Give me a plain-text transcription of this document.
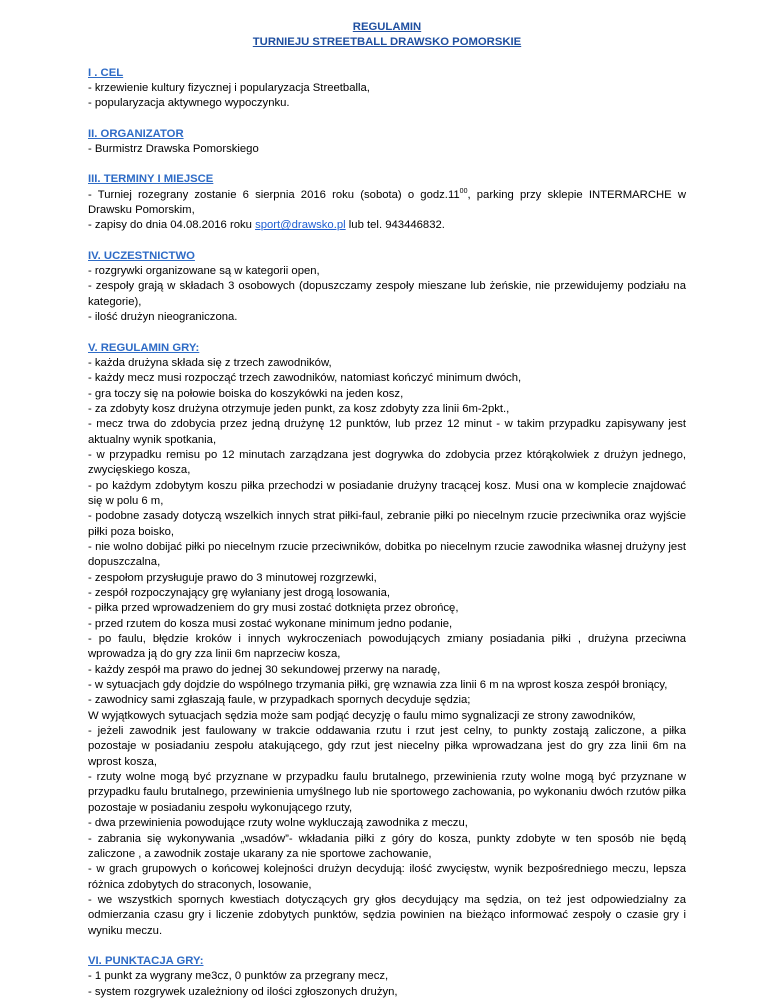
REGULAMIN

TURNIEJU STREETBALL DRAWSKO POMORSKIE

I . CEL

- krzewienie kultury fizycznej i popularyzacja Streetballa,

- popularyzacja aktywnego wypoczynku.

II. ORGANIZATOR

- Burmistrz Drawska Pomorskiego

III. TERMINY I MIEJSCE

- Turniej rozegrany zostanie 6 sierpnia 2016 roku (sobota) o $godz.11^{00}$, parking przy sklepie INTERMARCHE w Drawsku Pomorskim,

- zapisy do dnia 04.08.2016 roku sport@drawsko.pl lub tel. 943446832.

IV. UCZESTNICTWO

- rozgrywki organizowane są w kategorii open,

- zespoły grają w składach 3 osobowych (dopuszczamy zespoły mieszane lub żeńskie, nie przewidujemy podziału na kategorie),

- ilość drużyn nieograniczona.

V. REGULAMIN GRY:

- każda drużyna składa się z trzech zawodników,

- każdy mecz musi rozpocząć trzech zawodników, natomiast kończyć minimum dwóch,

- gra toczy się na połowie boiska do koszykówki na jeden kosz,

- za zdobyty kosz drużyna otrzymuje jeden punkt, za kosz zdobyty zza linii 6m-2pkt.,

- mecz trwa do zdobycia przez jedną drużynę 12 punktów, lub przez 12 minut - w takim przypadku zapisywany jest aktualny wynik spotkania,

- w przypadku remisu po 12 minutach zarządzana jest dogrywka do zdobycia przez którąkolwiek z drużyn jednego, zwycięskiego kosza,

- po każdym zdobytym koszu piłka przechodzi w posiadanie drużyny tracącej kosz. Musi ona w komplecie znajdować się w polu 6 m,

- podobne zasady dotyczą wszelkich innych strat piłki-faul, zebranie piłki po niecelnym rzucie przeciwnika oraz wyjście piłki poza boisko,

- nie wolno dobijać piłki po niecelnym rzucie przeciwników, dobitka po niecelnym rzucie zawodnika własnej drużyny jest dopuszczalna,

- zespołom przysługuje prawo do 3 minutowej rozgrzewki,

- zespół rozpoczynający grę wyłaniany jest drogą losowania,

- piłka przed wprowadzeniem do gry musi zostać dotknięta przez obrońcę,

- przed rzutem do kosza musi zostać wykonane minimum jedno podanie,

- po faulu, błędzie kroków i innych wykroczeniach powodujących zmiany posiadania piłki , drużyna przeciwna wprowadza ją do gry zza linii 6m naprzeciw kosza,

- każdy zespół ma prawo do jednej 30 sekundowej przerwy na naradę,

- w sytuacjach gdy dojdzie do wspólnego trzymania piłki, grę wznawia zza linii 6 m na wprost kosza zespół broniący,

- zawodnicy sami zgłaszają faule, w przypadkach spornych decyduje sędzia;

W wyjątkowych sytuacjach sędzia może sam podjąć decyzję o faulu mimo sygnalizacji ze strony zawodników,

- jeżeli zawodnik jest faulowany w trakcie oddawania rzutu i rzut jest celny, to punkty zostają zaliczone, a piłka pozostaje w posiadaniu zespołu atakującego, gdy rzut jest niecelny piłka wprowadzana jest do gry zza linii 6m na wprost kosza,

- rzuty wolne mogą być przyznane w przypadku faulu brutalnego, przewinienia rzuty wolne mogą być przyznane w przypadku faulu brutalnego, przewinienia umyślnego lub nie sportowego zachowania, po wykonaniu dwóch rzutów piłka pozostaje w posiadaniu zespołu wykonującego rzuty,

- dwa przewinienia powodujące rzuty wolne wykluczają zawodnika z meczu,

- zabrania się wykonywania „wsadów”- wkładania piłki z góry do kosza, punkty zdobyte w ten sposób nie będą zaliczone , a zawodnik zostaje ukarany za nie sportowe zachowanie,

- w grach grupowych o końcowej kolejności drużyn decydują: ilość zwycięstw, wynik bezpośredniego meczu, lepsza różnica zdobytych do straconych, losowanie,

- we wszystkich spornych kwestiach dotyczących gry głos decydujący ma sędzia, on też jest odpowiedzialny za odmierzania czasu gry i liczenie zdobytych punktów, sędzia powinien na bieżąco informować zespoły o czasie gry i wyniku meczu.

VI. PUNKTACJA GRY:

- 1 punkt za wygrany me3cz, 0 punktów za przegrany mecz,

- system rozgrywek uzależniony od ilości zgłoszonych drużyn,
